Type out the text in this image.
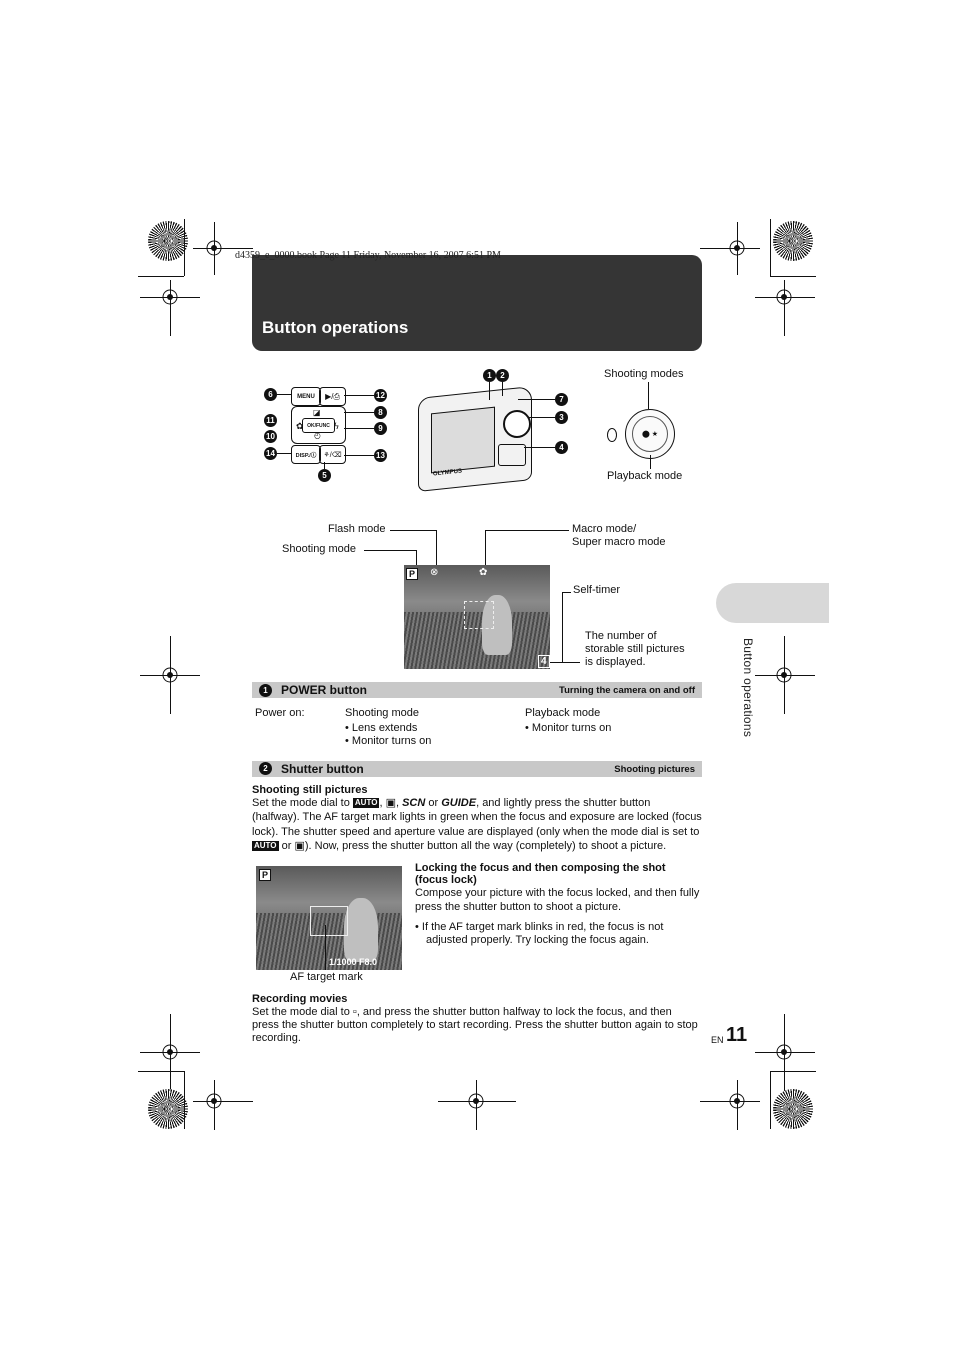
d4359_e_0000.book Page 11 Friday, November 16, 2007 6:51 PM
Button operations
Button operations
MENU	▶/⎙
OK/FUNC
◪
✿	ϟ
◴
DISP./ⓘ	⚘/⌫
6
11
10
14
5
12
8
9
13
OLYMPUS
1	2
7
3
4
Shooting modes
⬤ ★
Playback mode
Flash mode
Shooting mode
Macro mode/
Super macro mode
Self-timer
The number of
storable still pictures
is displayed.
P	⊗	✿
4
1	POWER button	Turning the camera on and off
Power on:	Shooting mode
• Lens extends
• Monitor turns on
Playback mode
• Monitor turns on
2	Shutter button	Shooting pictures
Shooting still pictures
Set the mode dial to AUTO , ▣, SCN or GUIDE, and lightly press the shutter button
(halfway). The AF target mark lights in green when the focus and exposure are locked (focus
lock). The shutter speed and aperture value are displayed (only when the mode dial is set to
AUTO or ▣). Now, press the shutter button all the way (completely) to shoot a picture.
P
1/1000 F8.0
AF target mark
Locking the focus and then composing the shot
(focus lock)
Compose your picture with the focus locked, and then fully
press the shutter button to shoot a picture.
• If the AF target mark blinks in red, the focus is not
adjusted properly. Try locking the focus again.
Recording movies
Set the mode dial to ▫, and press the shutter button halfway to lock the focus, and then
press the shutter button completely to start recording. Press the shutter button again to stop
recording.	EN 11
